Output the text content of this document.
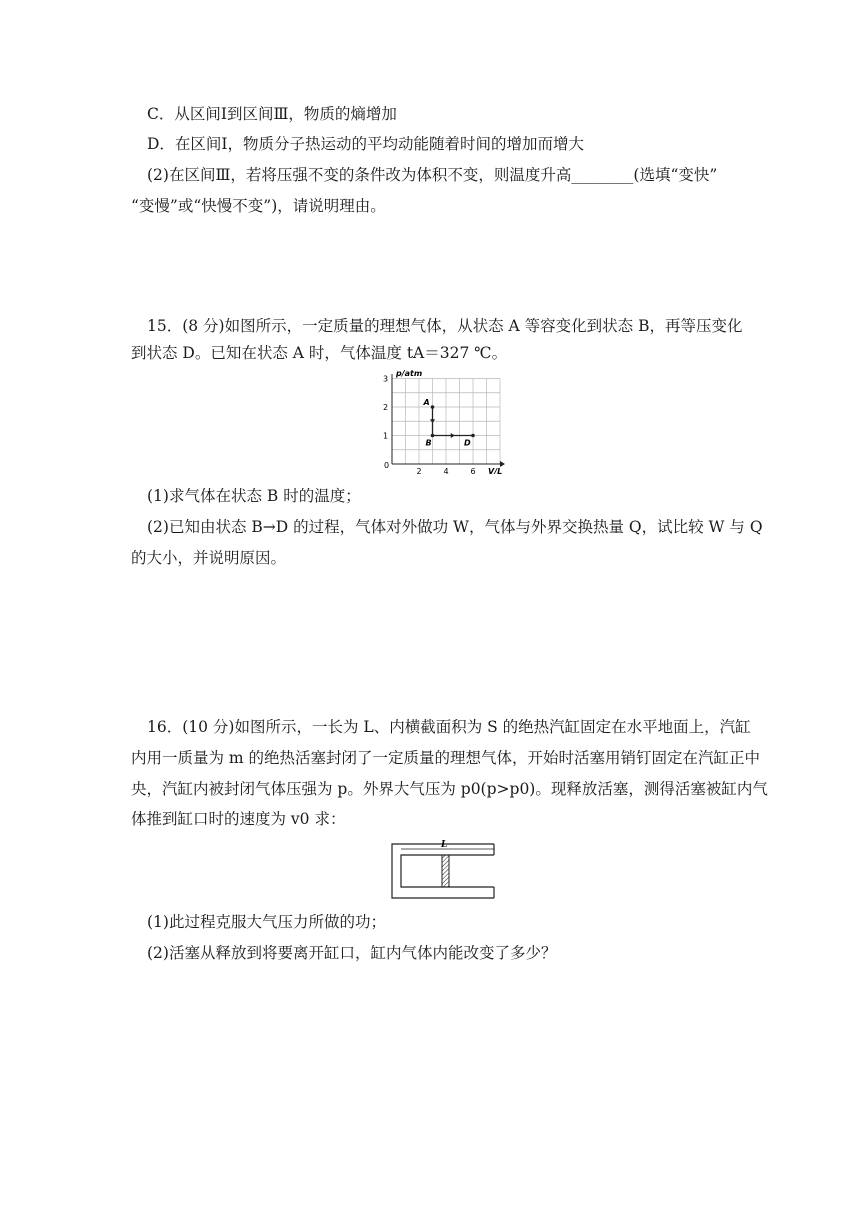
C．从区间Ⅰ到区间Ⅲ，物质的熵增加
D．在区间Ⅰ，物质分子热运动的平均动能随着时间的增加而增大
(2)在区间Ⅲ，若将压强不变的条件改为体积不变，则温度升高________(选填“变快”
“变慢”或“快慢不变”)，请说明理由。
15．(8 分)如图所示，一定质量的理想气体，从状态 A 等容变化到状态 B，再等压变化
到状态 D。已知在状态 A 时，气体温度 tA＝327 ℃。
p/atm
V/L
0
2	4	6
1
2
3
A
B	D
(1)求气体在状态 B 时的温度；
(2)已知由状态 B→D 的过程，气体对外做功 W，气体与外界交换热量 Q，试比较 W 与 Q
的大小，并说明原因。
16．(10 分)如图所示，一长为 L、内横截面积为 S 的绝热汽缸固定在水平地面上，汽缸
内用一质量为 m 的绝热活塞封闭了一定质量的理想气体，开始时活塞用销钉固定在汽缸正中
央，汽缸内被封闭气体压强为 p。外界大气压为 p0(p>p0)。现释放活塞，测得活塞被缸内气
体推到缸口时的速度为 v0 求：
L
(1)此过程克服大气压力所做的功；
(2)活塞从释放到将要离开缸口，缸内气体内能改变了多少？
